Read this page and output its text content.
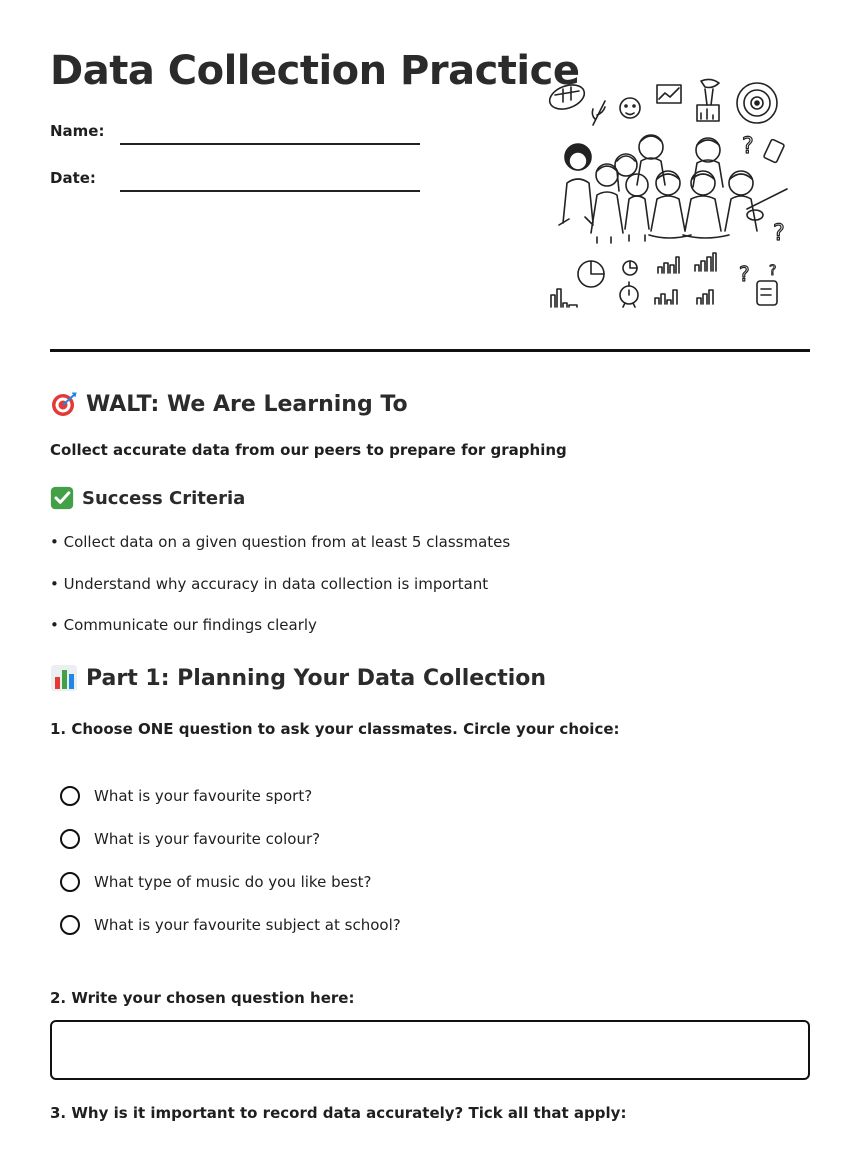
Data Collection Practice
Name:
Date:
?
?
? ?
WALT: We Are Learning To
Collect accurate data from our peers to prepare for graphing
Success Criteria
• Collect data on a given question from at least 5 classmates
• Understand why accuracy in data collection is important
• Communicate our findings clearly
Part 1: Planning Your Data Collection
1. Choose ONE question to ask your classmates. Circle your choice:
What is your favourite sport?
What is your favourite colour?
What type of music do you like best?
What is your favourite subject at school?
2. Write your chosen question here:
3. Why is it important to record data accurately? Tick all that apply:
